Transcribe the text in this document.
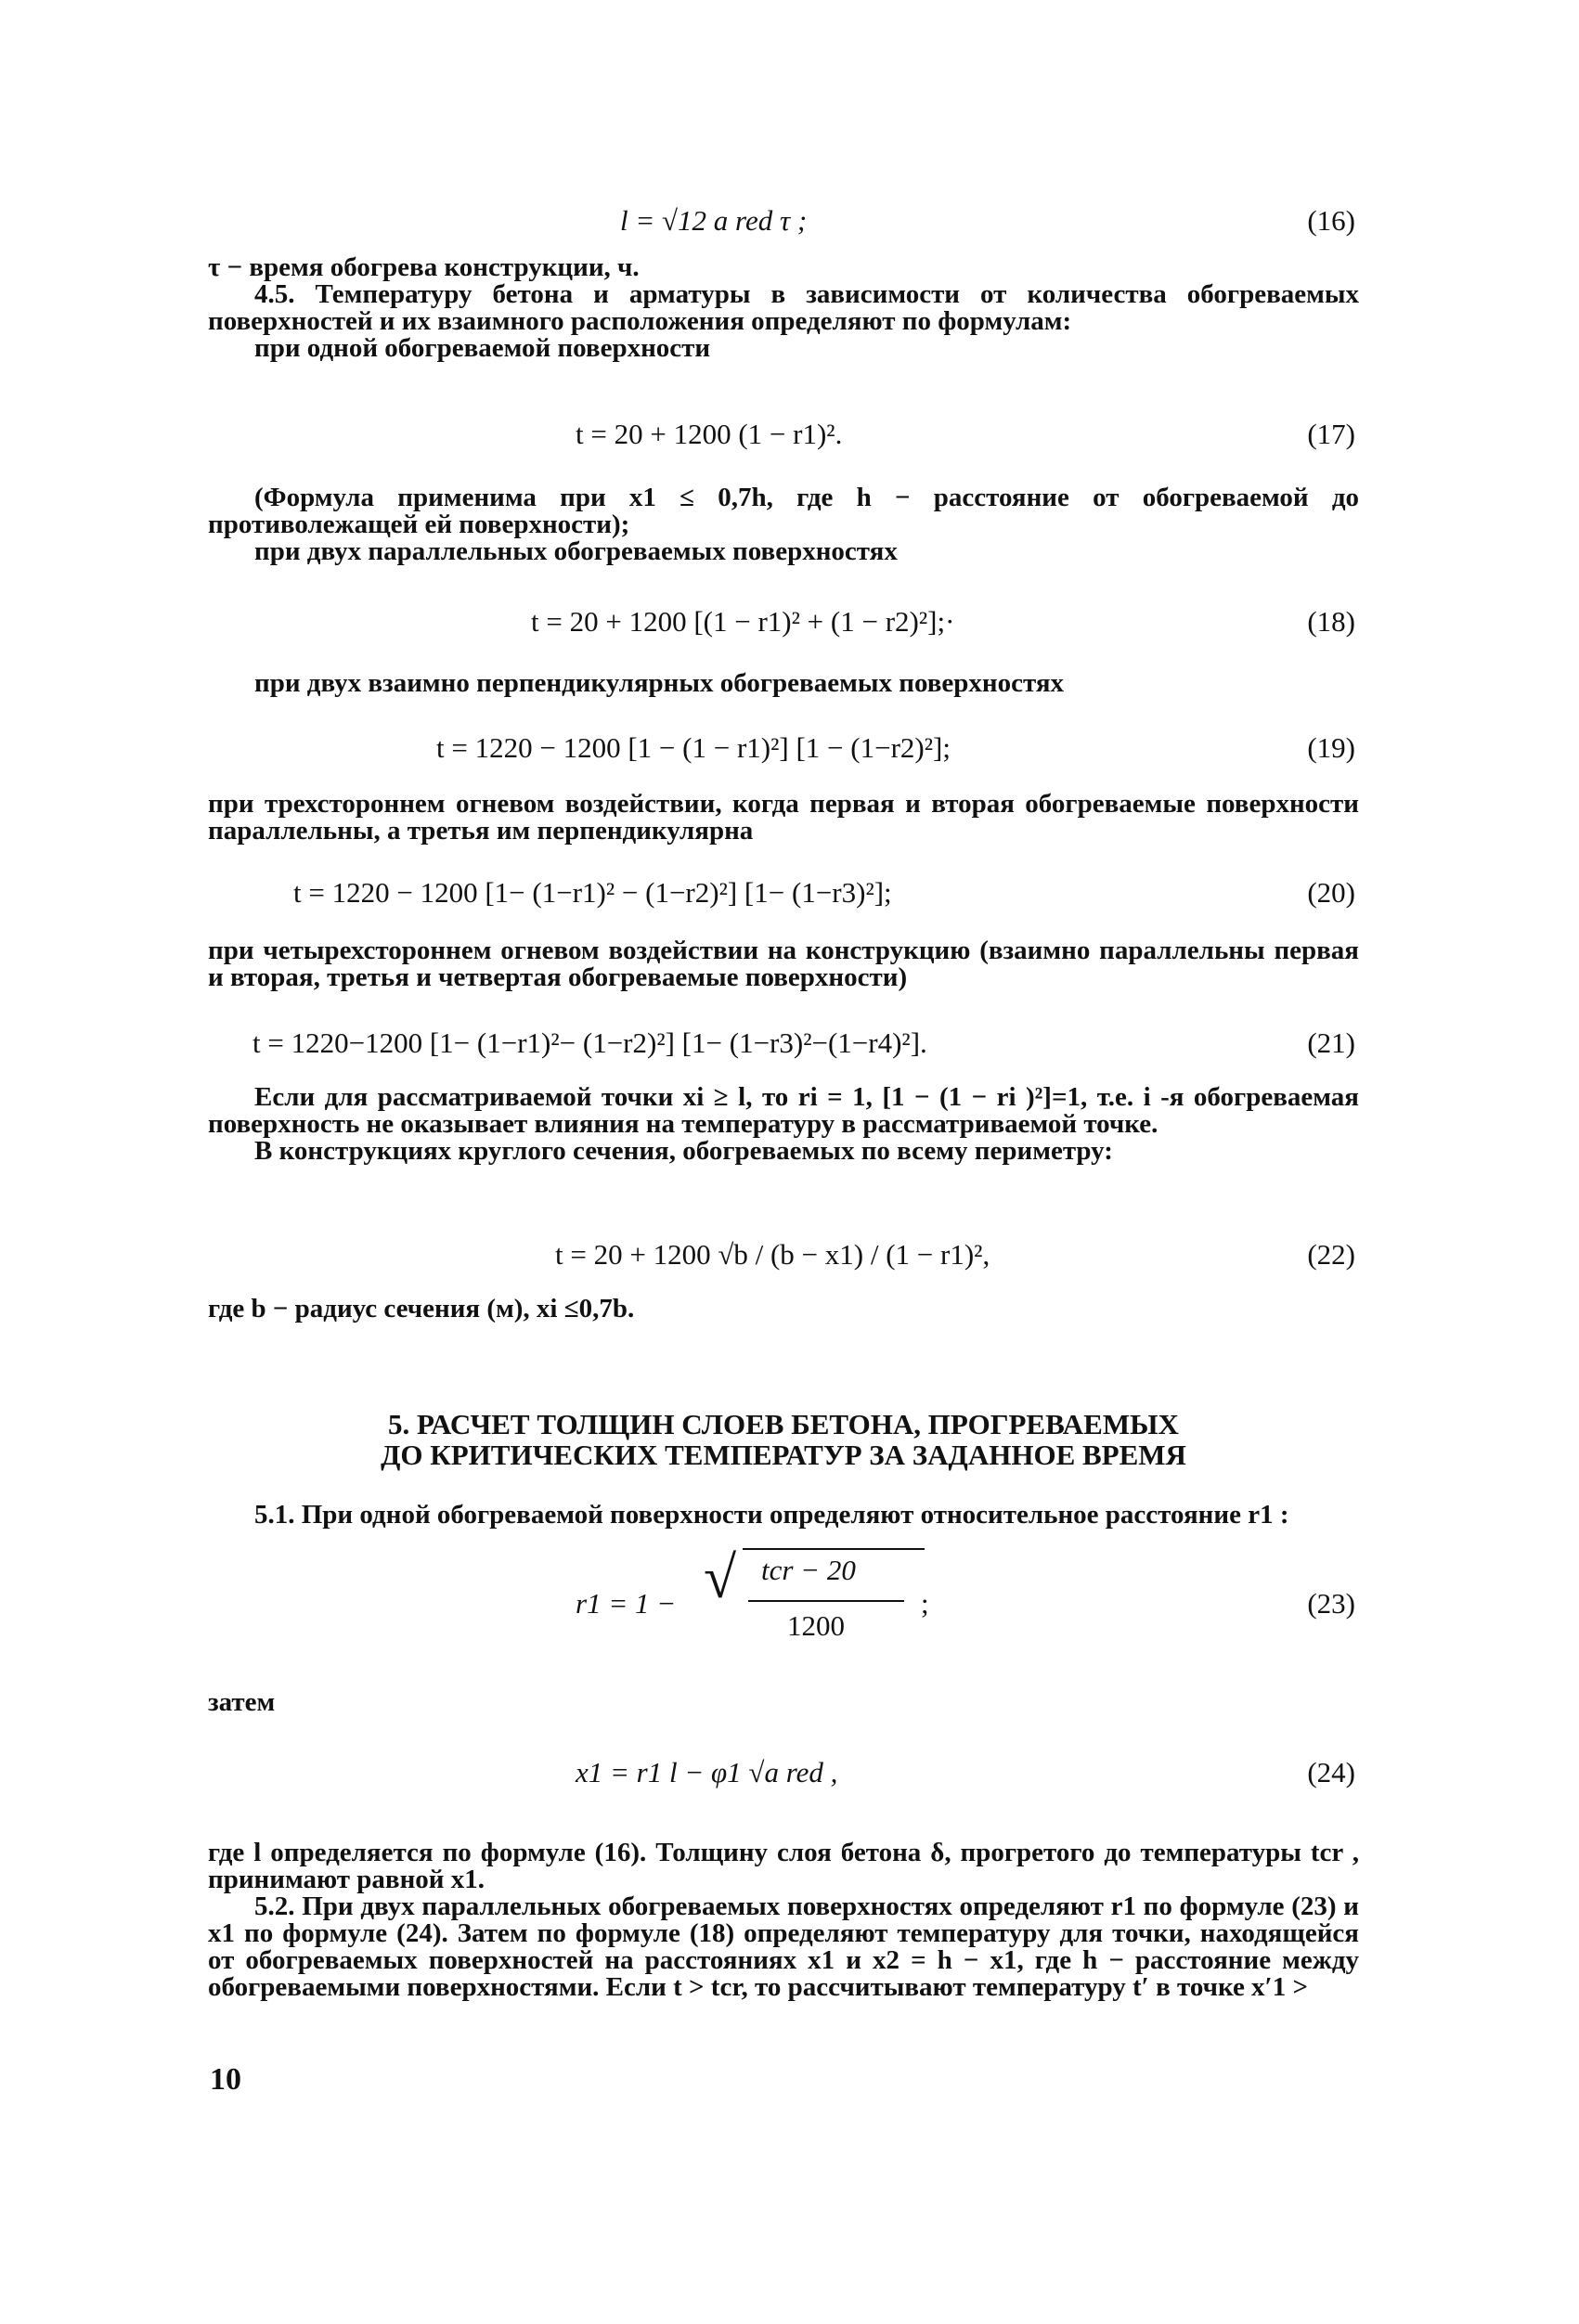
l = √12 a red τ ;	(16)

τ − время обогрева конструкции, ч.

4.5. Температуру бетона и арматуры в зависимости от количества обогреваемых поверхностей и их взаимного расположения определяют по формулам:

при одной обогреваемой поверхности

t = 20 + 1200 (1 − r1)².	(17)

(Формула применима при x1 ≤ 0,7h, где h − расстояние от обогреваемой до противолежащей ей поверхности);

при двух параллельных обогреваемых поверхностях

t = 20 + 1200 [(1 − r1)² + (1 − r2)²];·	(18)

при двух взаимно перпендикулярных обогреваемых поверхностях

t = 1220 − 1200 [1 − (1 − r1)²] [1 − (1−r2)²];	(19)

при трехстороннем огневом воздействии, когда первая и вторая обогреваемые поверхности параллельны, а третья им перпендикулярна

t = 1220 − 1200 [1− (1−r1)² − (1−r2)²] [1− (1−r3)²];	(20)

при четырехстороннем огневом воздействии на конструкцию (взаимно параллельны первая и вторая, третья и четвертая обогреваемые поверхности)

t = 1220−1200 [1− (1−r1)²− (1−r2)²] [1− (1−r3)²−(1−r4)²].	(21)

Если для рассматриваемой точки xi ≥ l, то ri = 1, [1 − (1 − ri )²]=1, т.е. i -я обогреваемая поверхность не оказывает влияния на температуру в рассматриваемой точке.

В конструкциях круглого сечения, обогреваемых по всему периметру:

t = 20 + 1200 √b / (b − x1) / (1 − r1)²,	(22)

где b − радиус сечения (м), xi ≤0,7b.

5. РАСЧЕТ ТОЛЩИН СЛОЕВ БЕТОНА, ПРОГРЕВАЕМЫХ
ДО КРИТИЧЕСКИХ ТЕМПЕРАТУР ЗА ЗАДАННОЕ ВРЕМЯ

5.1. При одной обогреваемой поверхности определяют относительное расстояние r1 :

r1 = 1 − √ tcr − 20
1200
;	(23)

затем

x1 = r1 l − φ1 √a red ,	(24)

где l определяется по формуле (16). Толщину слоя бетона δ, прогретого до температуры tcr , принимают равной x1.

5.2. При двух параллельных обогреваемых поверхностях определяют r1 по формуле (23) и x1 по формуле (24). Затем по формуле (18) определяют температуру для точки, находящейся от обогреваемых поверхностей на расстояниях x1 и x2 = h − x1, где h − расстояние между обогреваемыми поверхностями. Если t > tcr, то рассчитывают температуру t′ в точке x′1 >

10
